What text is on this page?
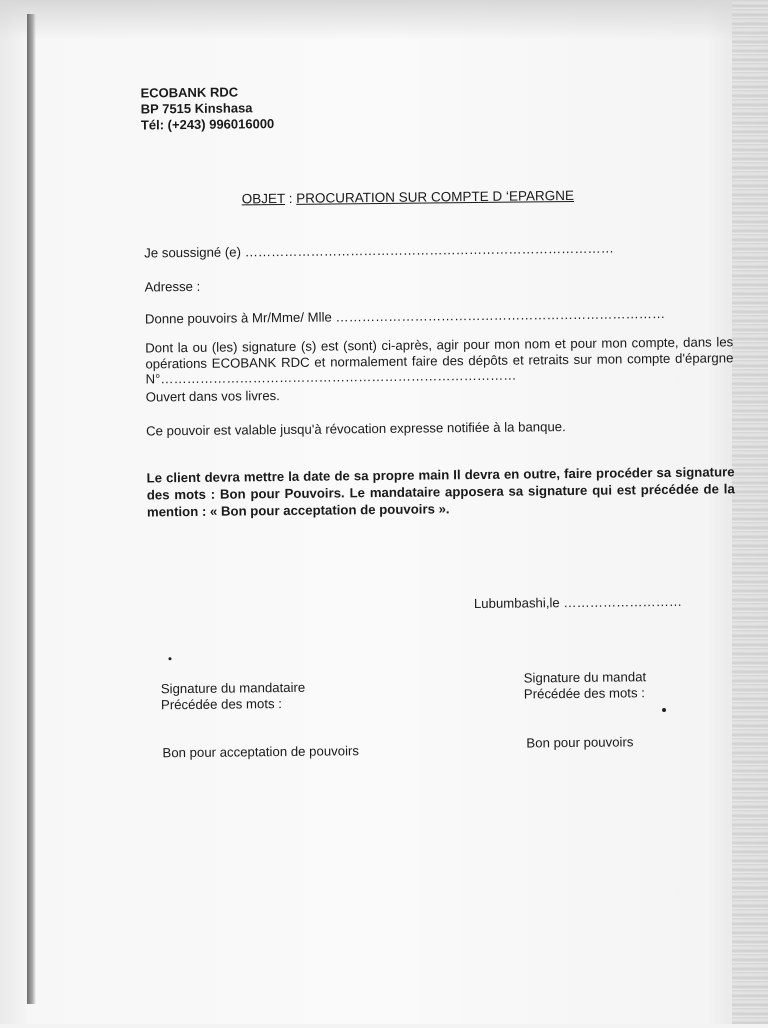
ECOBANK RDC
BP 7515 Kinshasa
Tél: (+243) 996016000
OBJET : PROCURATION SUR COMPTE D ‘EPARGNE
Je soussigné (e) …………………………………………………………………………
Adresse :
Donne pouvoirs à Mr/Mme/ Mlle …………………………………………………………………
Dont la ou (les) signature (s) est (sont) ci-après, agir pour mon nom et pour mon compte, dans les opérations ECOBANK RDC et normalement faire des dépôts et retraits sur mon compte d'épargne N°………………………………………………………………………
Ouvert dans vos livres.
Ce pouvoir est valable jusqu'à révocation expresse notifiée à la banque.
Le client devra mettre la date de sa propre main Il devra en outre, faire procéder sa signature des mots : Bon pour Pouvoirs. Le mandataire apposera sa signature qui est précédée de la mention : « Bon pour acceptation de pouvoirs ».
Lubumbashi,le ………………………
Signature du mandataire
Précédée des mots :
Bon pour acceptation de pouvoirs
Signature du mandat
Précédée des mots :
Bon pour pouvoirs
